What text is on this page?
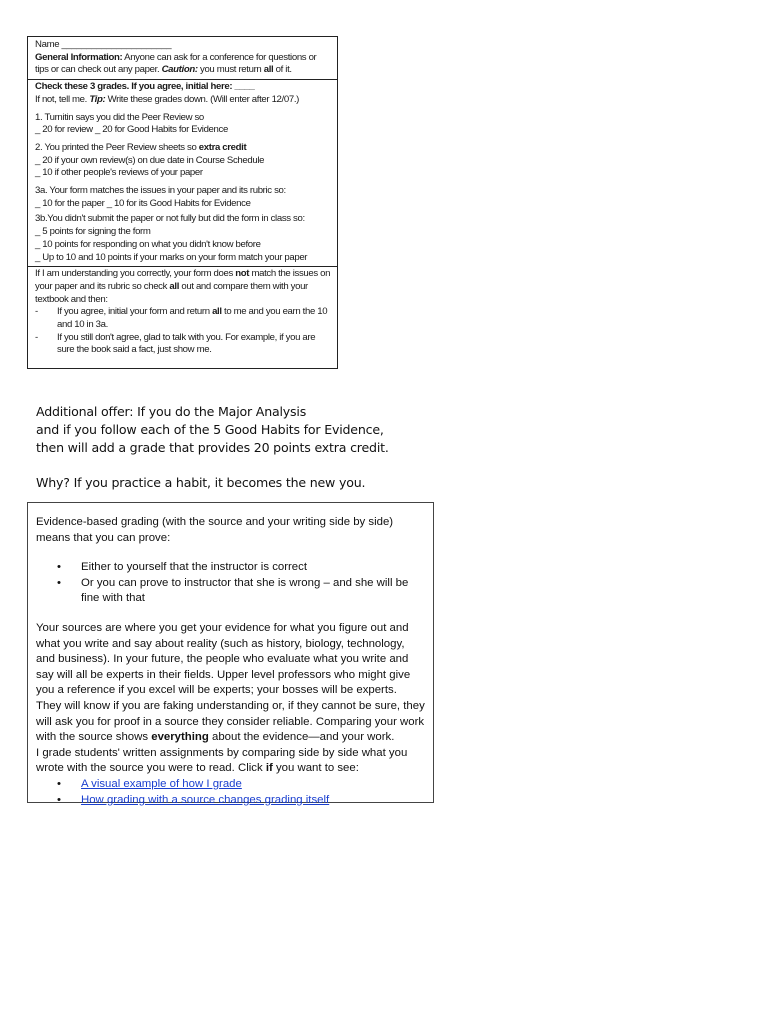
Name ______________________
General Information: Anyone can ask for a conference for questions or tips or can check out any paper. Caution: you must return all of it.
Check these 3 grades. If you agree, initial here: ____
If not, tell me. Tip: Write these grades down. (Will enter after 12/07.)
1. Turnitin says you did the Peer Review so
_ 20 for review _ 20 for Good Habits for Evidence
2. You printed the Peer Review sheets so extra credit
_ 20 if your own review(s) on due date in Course Schedule
_ 10 if other people's reviews of your paper
3a. Your form matches the issues in your paper and its rubric so:
_ 10 for the paper _ 10 for its Good Habits for Evidence
3b.You didn't submit the paper or not fully but did the form in class so:
_ 5 points for signing the form
_ 10 points for responding on what you didn't know before
_ Up to 10 and 10 points if your marks on your form match your paper
If I am understanding you correctly, your form does not match the issues on your paper and its rubric so check all out and compare them with your textbook and then:
-	If you agree, initial your form and return all to me and you earn the 10 and 10 in 3a.
-	If you still don't agree, glad to talk with you. For example, if you are sure the book said a fact, just show me.

Additional offer: If you do the Major Analysis

and if you follow each of the 5 Good Habits for Evidence,

then will add a grade that provides 20 points extra credit.

Why? If you practice a habit, it becomes the new you.

Evidence-based grading (with the source and your writing side by side) means that you can prove:

•	Either to yourself that the instructor is correct
•	Or you can prove to instructor that she is wrong – and she will be fine with that

Your sources are where you get your evidence for what you figure out and what you write and say about reality (such as history, biology, technology, and business). In your future, the people who evaluate what you write and say will all be experts in their fields. Upper level professors who might give you a reference if you excel will be experts; your bosses will be experts. They will know if you are faking understanding or, if they cannot be sure, they will ask you for proof in a source they consider reliable. Comparing your work with the source shows everything about the evidence—and your work.

I grade students' written assignments by comparing side by side what you wrote with the source you were to read. Click if you want to see:

•	A visual example of how I grade
•	How grading with a source changes grading itself
